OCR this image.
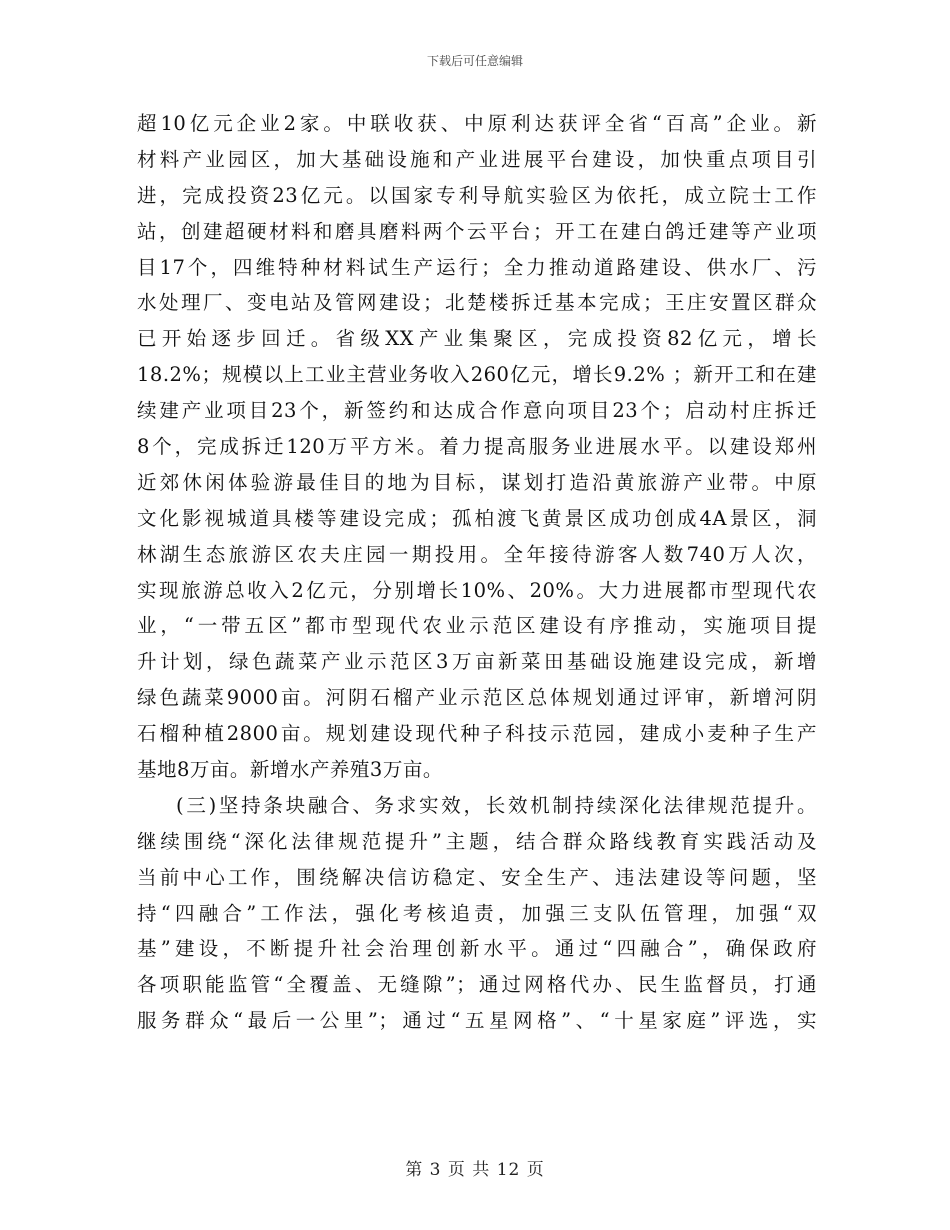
下载后可任意编辑
超10亿元企业2家。中联收获、中原利达获评全省“百高”企业。新
材料产业园区，加大基础设施和产业进展平台建设，加快重点项目引
进，完成投资23亿元。以国家专利导航实验区为依托，成立院士工作
站，创建超硬材料和磨具磨料两个云平台；开工在建白鸽迁建等产业项
目17个，四维特种材料试生产运行；全力推动道路建设、供水厂、污
水处理厂、变电站及管网建设；北楚楼拆迁基本完成；王庄安置区群众
已开始逐步回迁。省级XX产业集聚区，完成投资82亿元，增长
18.2%；规模以上工业主营业务收入260亿元，增长9.2% ；新开工和在建
续建产业项目23个，新签约和达成合作意向项目23个；启动村庄拆迁
8个，完成拆迁120万平方米。着力提高服务业进展水平。以建设郑州
近郊休闲体验游最佳目的地为目标，谋划打造沿黄旅游产业带。中原
文化影视城道具楼等建设完成；孤柏渡飞黄景区成功创成4A景区，洞
林湖生态旅游区农夫庄园一期投用。全年接待游客人数740万人次，
实现旅游总收入2亿元，分别增长10%、20%。大力进展都市型现代农
业，“一带五区”都市型现代农业示范区建设有序推动，实施项目提
升计划，绿色蔬菜产业示范区3万亩新菜田基础设施建设完成，新增
绿色蔬菜9000亩。河阴石榴产业示范区总体规划通过评审，新增河阴
石榴种植2800亩。规划建设现代种子科技示范园，建成小麦种子生产
基地8万亩。新增水产养殖3万亩。
(三)坚持条块融合、务求实效，长效机制持续深化法律规范提升。
继续围绕“深化法律规范提升”主题，结合群众路线教育实践活动及
当前中心工作，围绕解决信访稳定、安全生产、违法建设等问题，坚
持“四融合”工作法，强化考核追责，加强三支队伍管理，加强“双
基”建设，不断提升社会治理创新水平。通过“四融合”，确保政府
各项职能监管“全覆盖、无缝隙”；通过网格代办、民生监督员，打通
服务群众“最后一公里”；通过“五星网格”、“十星家庭”评选，实
第 3 页 共 12 页
